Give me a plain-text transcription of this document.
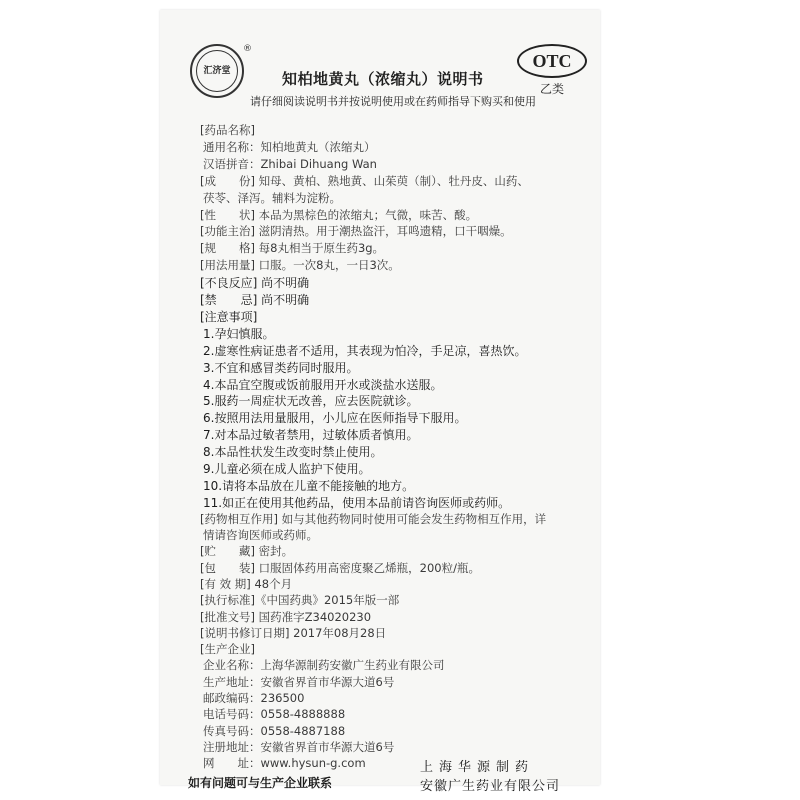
汇济堂
®
知柏地黄丸（浓缩丸）说明书
请仔细阅读说明书并按说明使用或在药师指导下购买和使用
OTC
乙类
[药品名称]
通用名称：知柏地黄丸（浓缩丸）
汉语拼音：Zhibai Dihuang Wan
[成　　份] 知母、黄柏、熟地黄、山茱萸（制）、牡丹皮、山药、
茯苓、泽泻。辅料为淀粉。
[性　　状] 本品为黑棕色的浓缩丸；气微，味苦、酸。
[功能主治] 滋阴清热。用于潮热盗汗，耳鸣遗精，口干咽燥。
[规　　格] 每8丸相当于原生药3g。
[用法用量] 口服。一次8丸，一日3次。
[不良反应] 尚不明确
[禁　　忌] 尚不明确
[注意事项]
1.孕妇慎服。
2.虚寒性病证患者不适用，其表现为怕冷，手足凉，喜热饮。
3.不宜和感冒类药同时服用。
4.本品宜空腹或饭前服用开水或淡盐水送服。
5.服药一周症状无改善，应去医院就诊。
6.按照用法用量服用，小儿应在医师指导下服用。
7.对本品过敏者禁用，过敏体质者慎用。
8.本品性状发生改变时禁止使用。
9.儿童必须在成人监护下使用。
10.请将本品放在儿童不能接触的地方。
11.如正在使用其他药品，使用本品前请咨询医师或药师。
[药物相互作用] 如与其他药物同时使用可能会发生药物相互作用，详
情请咨询医师或药师。
[贮　　藏] 密封。
[包　　装] 口服固体药用高密度聚乙烯瓶，200粒/瓶。
[有 效 期] 48个月
[执行标准]《中国药典》2015年版一部
[批准文号] 国药准字Z34020230
[说明书修订日期] 2017年08月28日
[生产企业]
企业名称：上海华源制药安徽广生药业有限公司
生产地址：安徽省界首市华源大道6号
邮政编码：236500
电话号码：0558-4888888
传真号码：0558-4887188
注册地址：安徽省界首市华源大道6号
网　　址：www.hysun-g.com
如有问题可与生产企业联系
上海华源制药
安徽广生药业有限公司
